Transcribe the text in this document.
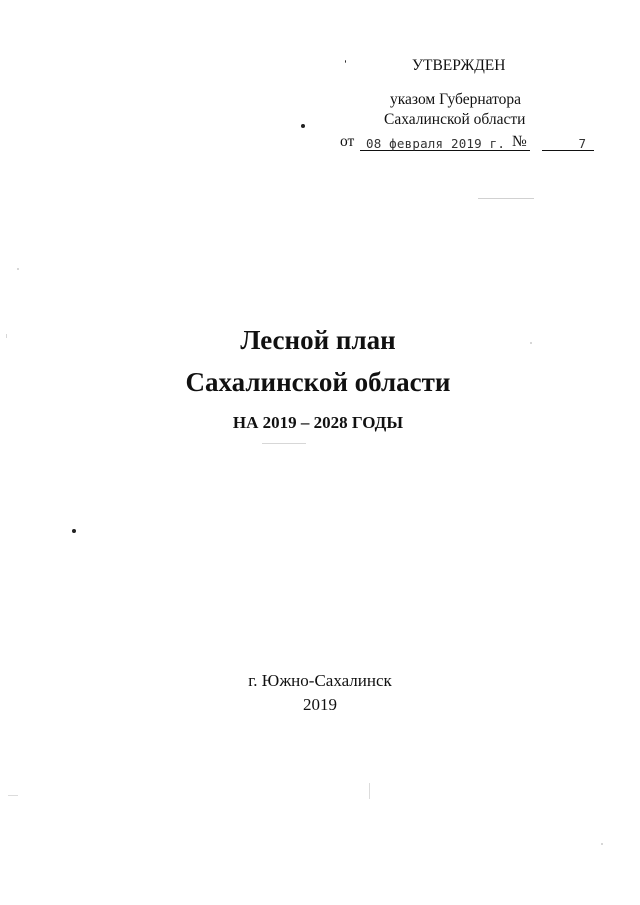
УТВЕРЖДЕН
указом Губернатора
Сахалинской области
от 08 февраля 2019 г. №	7
Лесной план
Сахалинской области
НА 2019 – 2028 ГОДЫ
г. Южно-Сахалинск
2019
